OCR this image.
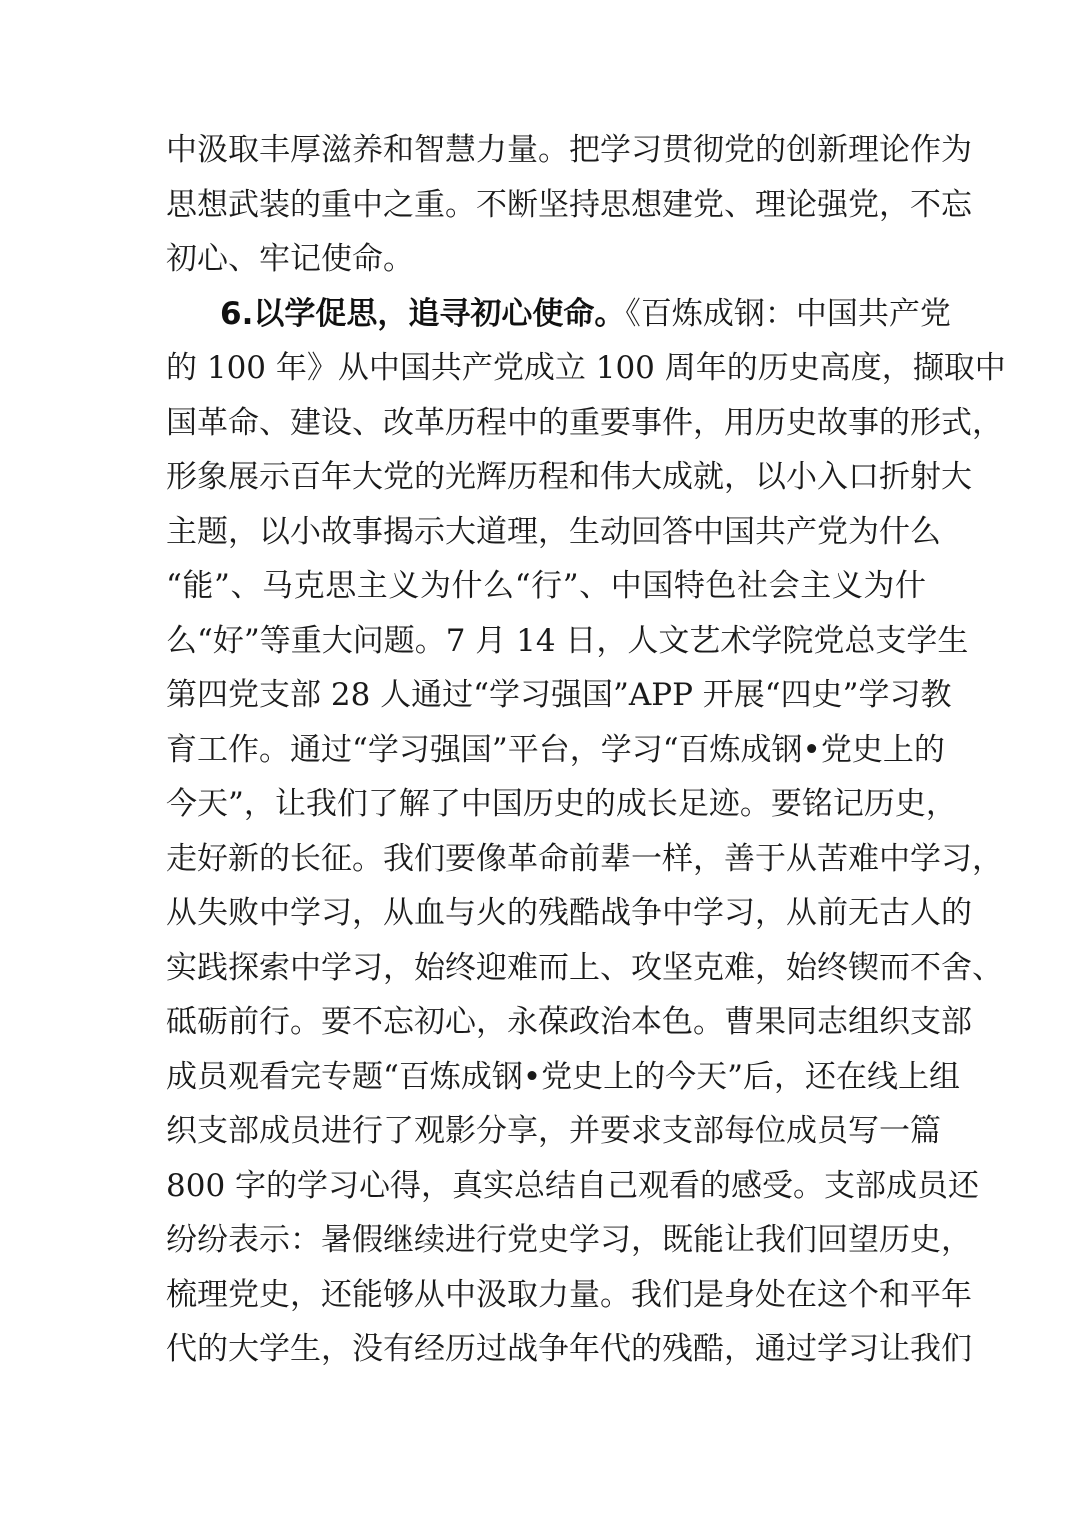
中汲取丰厚滋养和智慧力量。把学习贯彻党的创新理论作为
思想武装的重中之重。不断坚持思想建党、理论强党，不忘
初心、牢记使命。
6.以学促思，追寻初心使命。《百炼成钢：中国共产党
的 100 年》从中国共产党成立 100 周年的历史高度，撷取中
国革命、建设、改革历程中的重要事件，用历史故事的形式，
形象展示百年大党的光辉历程和伟大成就，以小入口折射大
主题，以小故事揭示大道理，生动回答中国共产党为什么
“能”、马克思主义为什么“行”、中国特色社会主义为什
么“好”等重大问题。7 月 14 日，人文艺术学院党总支学生
第四党支部 28 人通过“学习强国”APP 开展“四史”学习教
育工作。通过“学习强国”平台，学习“百炼成钢•党史上的
今天”，让我们了解了中国历史的成长足迹。要铭记历史，
走好新的长征。我们要像革命前辈一样，善于从苦难中学习，
从失败中学习，从血与火的残酷战争中学习，从前无古人的
实践探索中学习，始终迎难而上、攻坚克难，始终锲而不舍、
砥砺前行。要不忘初心，永葆政治本色。曹果同志组织支部
成员观看完专题“百炼成钢•党史上的今天”后，还在线上组
织支部成员进行了观影分享，并要求支部每位成员写一篇
800 字的学习心得，真实总结自己观看的感受。支部成员还
纷纷表示：暑假继续进行党史学习，既能让我们回望历史，
梳理党史，还能够从中汲取力量。我们是身处在这个和平年
代的大学生，没有经历过战争年代的残酷，通过学习让我们
